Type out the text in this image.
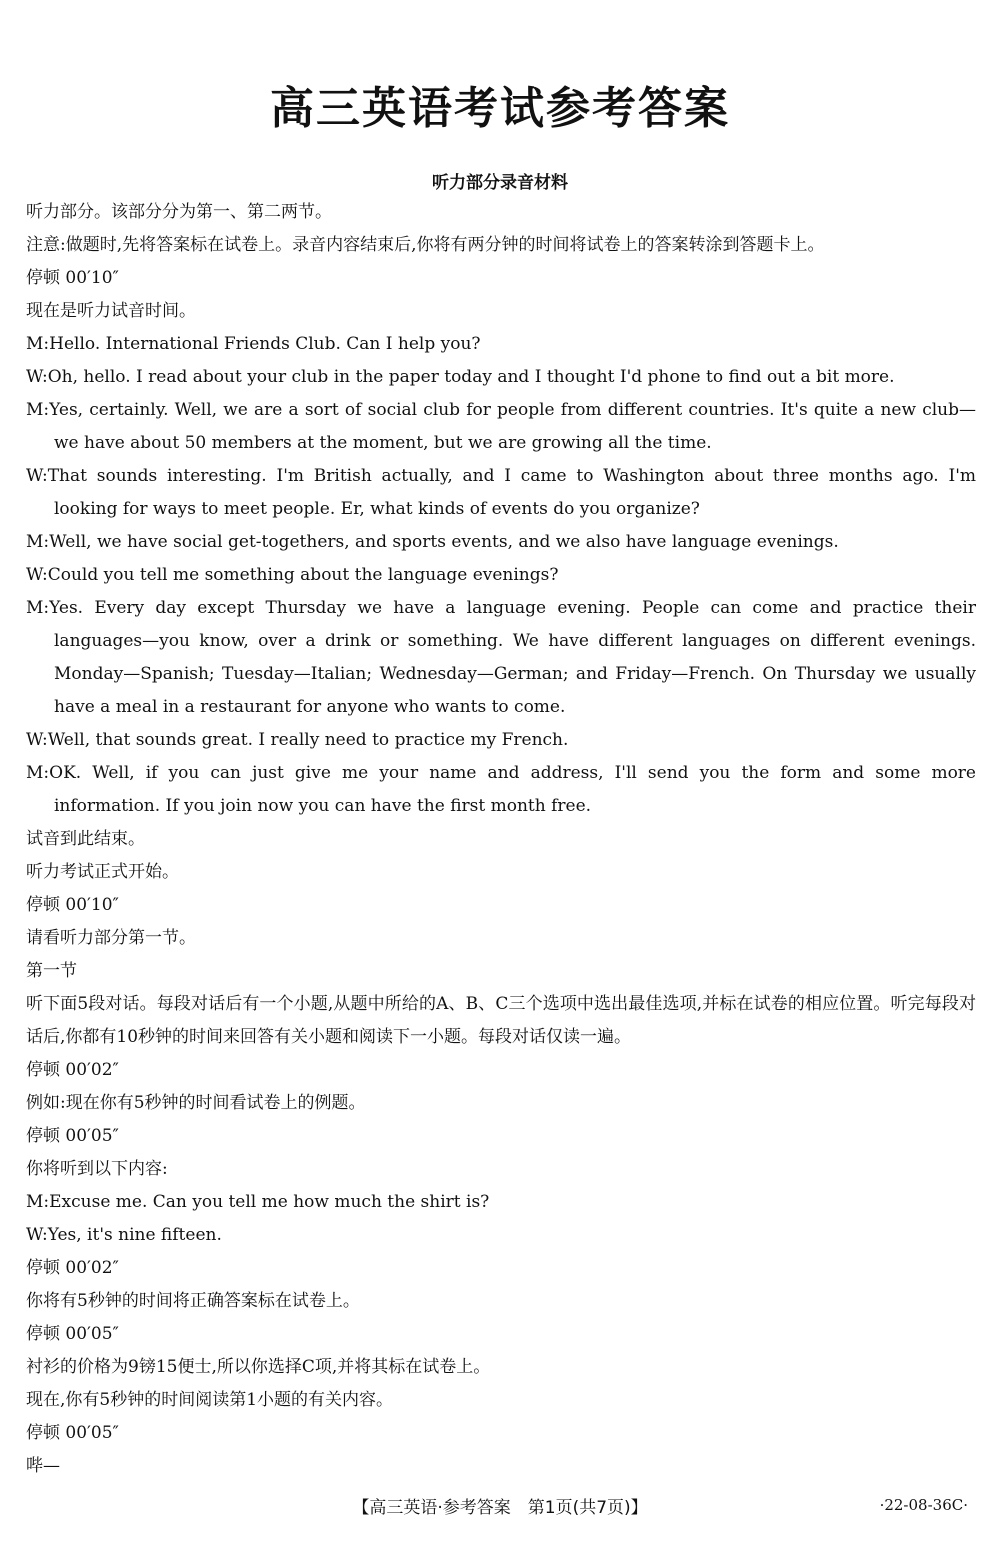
高三英语考试参考答案
听力部分录音材料
听力部分。该部分分为第一、第二两节。
注意:做题时,先将答案标在试卷上。录音内容结束后,你将有两分钟的时间将试卷上的答案转涂到答题卡上。
停顿 00′10″
现在是听力试音时间。
M:Hello. International Friends Club. Can I help you?
W:Oh, hello. I read about your club in the paper today and I thought I'd phone to find out a bit more.
M:Yes, certainly. Well, we are a sort of social club for people from different countries. It's quite a new club—we have about 50 members at the moment, but we are growing all the time.
W:That sounds interesting. I'm British actually, and I came to Washington about three months ago. I'm looking for ways to meet people. Er, what kinds of events do you organize?
M:Well, we have social get-togethers, and sports events, and we also have language evenings.
W:Could you tell me something about the language evenings?
M:Yes. Every day except Thursday we have a language evening. People can come and practice their languages—you know, over a drink or something. We have different languages on different evenings. Monday—Spanish; Tuesday—Italian; Wednesday—German; and Friday—French. On Thursday we usually have a meal in a restaurant for anyone who wants to come.
W:Well, that sounds great. I really need to practice my French.
M:OK. Well, if you can just give me your name and address, I'll send you the form and some more information. If you join now you can have the first month free.
试音到此结束。
听力考试正式开始。
停顿 00′10″
请看听力部分第一节。
第一节
听下面5段对话。每段对话后有一个小题,从题中所给的A、B、C三个选项中选出最佳选项,并标在试卷的相应位置。听完每段对话后,你都有10秒钟的时间来回答有关小题和阅读下一小题。每段对话仅读一遍。
停顿 00′02″
例如:现在你有5秒钟的时间看试卷上的例题。
停顿 00′05″
你将听到以下内容:
M:Excuse me. Can you tell me how much the shirt is?
W:Yes, it's nine fifteen.
停顿 00′02″
你将有5秒钟的时间将正确答案标在试卷上。
停顿 00′05″
衬衫的价格为9镑15便士,所以你选择C项,并将其标在试卷上。
现在,你有5秒钟的时间阅读第1小题的有关内容。
停顿 00′05″
哔—
【高三英语·参考答案　第1页(共7页)】	·22-08-36C·
